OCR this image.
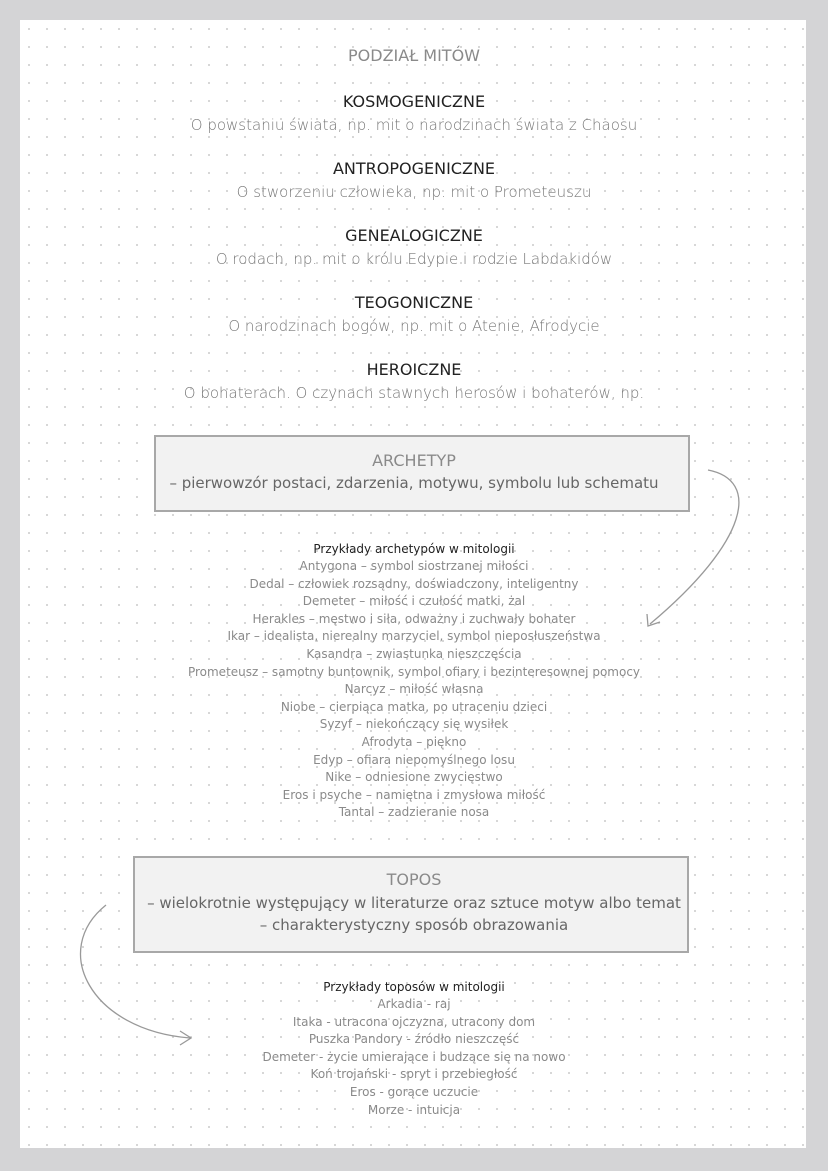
PODZIAŁ MITÓW
KOSMOGENICZNE
O powstaniu świata, np. mit o narodzinach świata z Chaosu
ANTROPOGENICZNE
O stworzeniu człowieka, np. mit o Prometeuszu
GENEALOGICZNE
O rodach, np. mit o królu Edypie i rodzie Labdakidów
TEOGONICZNE
O narodzinach bogów, np. mit o Atenie, Afrodycie
HEROICZNE
O bohaterach. O czynach stawnych herosów i bohaterów, np.
ARCHETYP
– pierwowzór postaci, zdarzenia, motywu, symbolu lub schematu
Przykłady archetypów w mitologii
Antygona – symbol siostrzanej miłości
Dedal – człowiek rozsądny, doświadczony, inteligentny
Demeter – miłość i czułość matki, żal
Herakles – męstwo i siła, odważny i zuchwały bohater
Ikar – idealista, nierealny marzyciel, symbol nieposłuszeństwa
Kasandra – zwiastunka nieszczęścia
Prometeusz – samotny buntownik, symbol ofiary i bezinteresownej pomocy
Narcyz – miłość własna
Niobe – cierpiąca matka, po utraceniu dzieci
Syzyf – niekończący się wysiłek
Afrodyta – piękno
Edyp – ofiara niepomyślnego losu
Nike – odniesione zwycięstwo
Eros i psyche – namiętna i zmysłowa miłość
Tantal – zadzieranie nosa
TOPOS
– wielokrotnie występujący w literaturze oraz sztuce motyw albo temat
– charakterystyczny sposób obrazowania
Przykłady toposów w mitologii
Arkadia - raj
Itaka - utracona ojczyzna, utracony dom
Puszka Pandory - źródło nieszczęść
Demeter - życie umierające i budzące się na nowo
Koń trojański - spryt i przebiegłość
Eros - gorące uczucie
Morze - intuicja
